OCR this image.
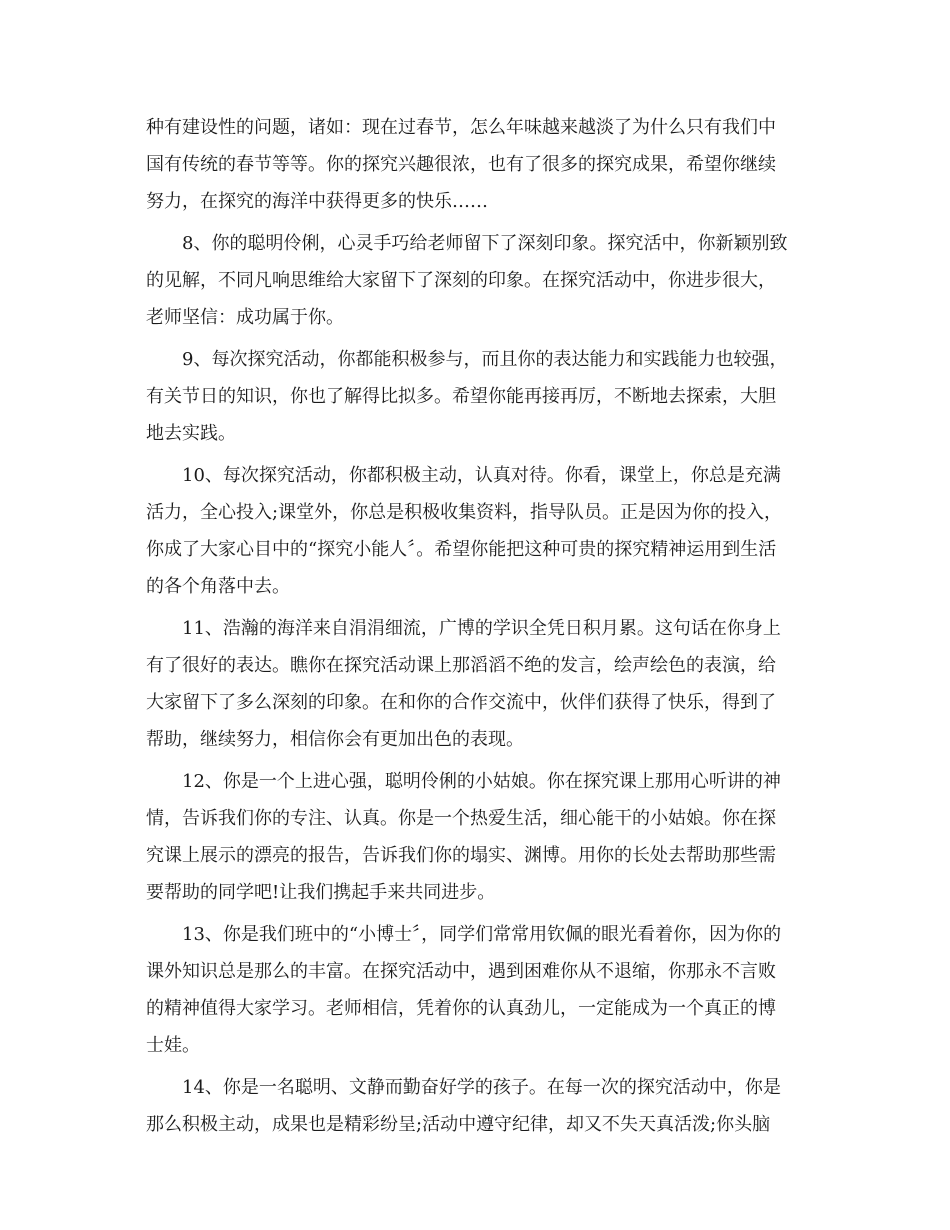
种有建设性的问题，诸如：现在过春节，怎么年味越来越淡了为什么只有我们中

国有传统的春节等等。你的探究兴趣很浓，也有了很多的探究成果，希望你继续

努力，在探究的海洋中获得更多的快乐……

8、你的聪明伶俐，心灵手巧给老师留下了深刻印象。探究活中，你新颖别致

的见解，不同凡响思维给大家留下了深刻的印象。在探究活动中，你进步很大，

老师坚信：成功属于你。

9、每次探究活动，你都能积极参与，而且你的表达能力和实践能力也较强，

有关节日的知识，你也了解得比拟多。希望你能再接再厉，不断地去探索，大胆

地去实践。

10、每次探究活动，你都积极主动，认真对待。你看，课堂上，你总是充满

活力，全心投入;课堂外，你总是积极收集资料，指导队员。正是因为你的投入，

你成了大家心目中的“探究小能人〞。希望你能把这种可贵的探究精神运用到生活

的各个角落中去。

11、浩瀚的海洋来自涓涓细流，广博的学识全凭日积月累。这句话在你身上

有了很好的表达。瞧你在探究活动课上那滔滔不绝的发言，绘声绘色的表演，给

大家留下了多么深刻的印象。在和你的合作交流中，伙伴们获得了快乐，得到了

帮助，继续努力，相信你会有更加出色的表现。

12、你是一个上进心强，聪明伶俐的小姑娘。你在探究课上那用心听讲的神

情，告诉我们你的专注、认真。你是一个热爱生活，细心能干的小姑娘。你在探

究课上展示的漂亮的报告，告诉我们你的塌实、渊博。用你的长处去帮助那些需

要帮助的同学吧!让我们携起手来共同进步。

13、你是我们班中的“小博士〞，同学们常常用钦佩的眼光看着你，因为你的

课外知识总是那么的丰富。在探究活动中，遇到困难你从不退缩，你那永不言败

的精神值得大家学习。老师相信，凭着你的认真劲儿，一定能成为一个真正的博

士娃。

14、你是一名聪明、文静而勤奋好学的孩子。在每一次的探究活动中，你是

那么积极主动，成果也是精彩纷呈;活动中遵守纪律，却又不失天真活泼;你头脑
